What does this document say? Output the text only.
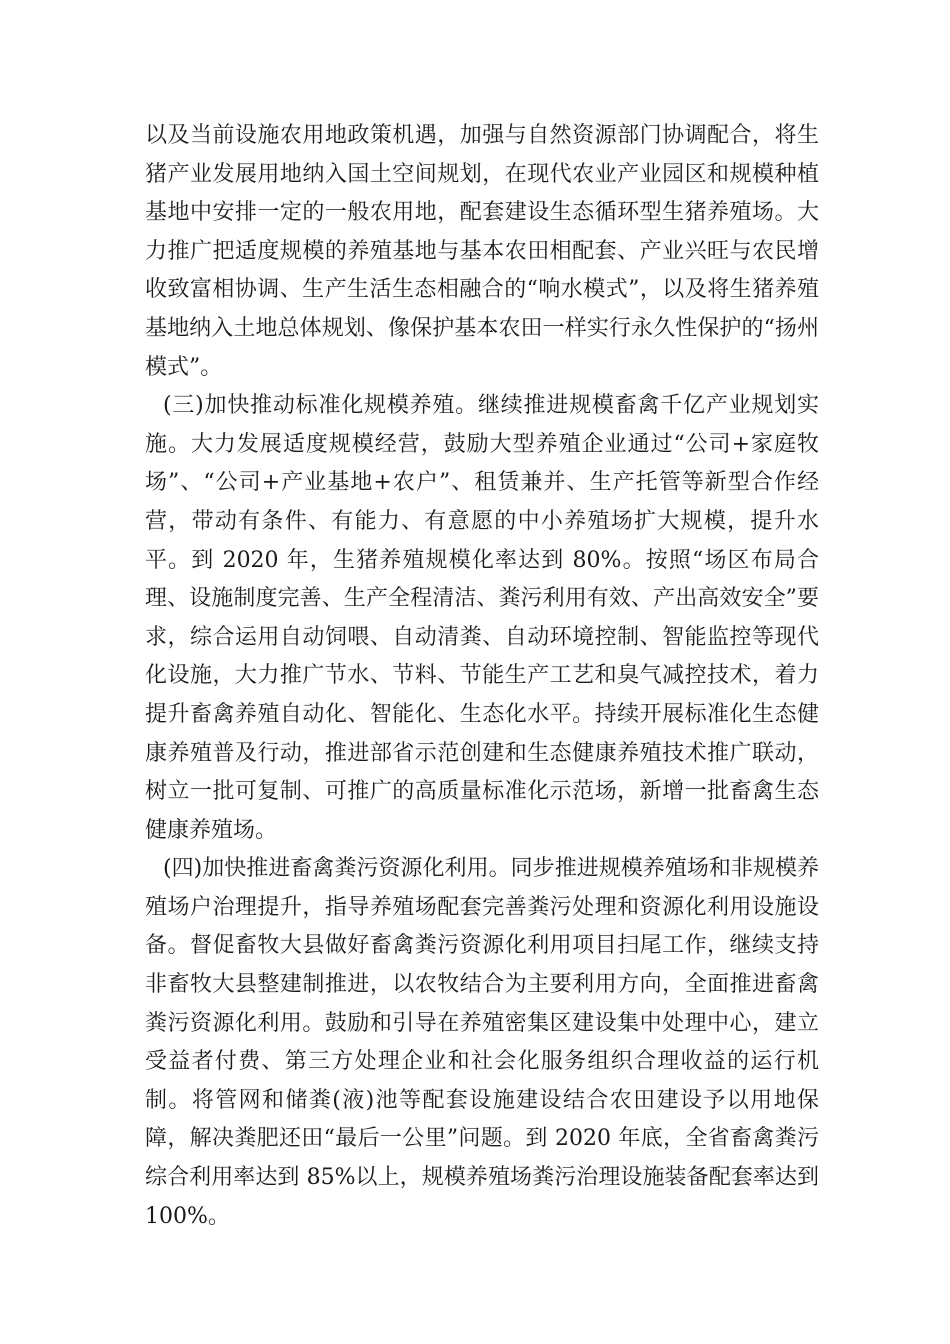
以及当前设施农用地政策机遇，加强与自然资源部门协调配合，将生猪产业发展用地纳入国土空间规划，在现代农业产业园区和规模种植基地中安排一定的一般农用地，配套建设生态循环型生猪养殖场。大力推广把适度规模的养殖基地与基本农田相配套、产业兴旺与农民增收致富相协调、生产生活生态相融合的“响水模式”，以及将生猪养殖基地纳入土地总体规划、像保护基本农田一样实行永久性保护的“扬州模式”。

(三)加快推动标准化规模养殖。继续推进规模畜禽千亿产业规划实施。大力发展适度规模经营，鼓励大型养殖企业通过“公司+家庭牧场”、“公司+产业基地+农户”、租赁兼并、生产托管等新型合作经营，带动有条件、有能力、有意愿的中小养殖场扩大规模，提升水平。到 2020 年，生猪养殖规模化率达到 80%。按照“场区布局合理、设施制度完善、生产全程清洁、粪污利用有效、产出高效安全”要求，综合运用自动饲喂、自动清粪、自动环境控制、智能监控等现代化设施，大力推广节水、节料、节能生产工艺和臭气减控技术，着力提升畜禽养殖自动化、智能化、生态化水平。持续开展标准化生态健康养殖普及行动，推进部省示范创建和生态健康养殖技术推广联动，树立一批可复制、可推广的高质量标准化示范场，新增一批畜禽生态健康养殖场。

(四)加快推进畜禽粪污资源化利用。同步推进规模养殖场和非规模养殖场户治理提升，指导养殖场配套完善粪污处理和资源化利用设施设备。督促畜牧大县做好畜禽粪污资源化利用项目扫尾工作，继续支持非畜牧大县整建制推进，以农牧结合为主要利用方向，全面推进畜禽粪污资源化利用。鼓励和引导在养殖密集区建设集中处理中心，建立受益者付费、第三方处理企业和社会化服务组织合理收益的运行机制。将管网和储粪(液)池等配套设施建设结合农田建设予以用地保障，解决粪肥还田“最后一公里”问题。到 2020 年底，全省畜禽粪污综合利用率达到 85%以上，规模养殖场粪污治理设施装备配套率达到 100%。
